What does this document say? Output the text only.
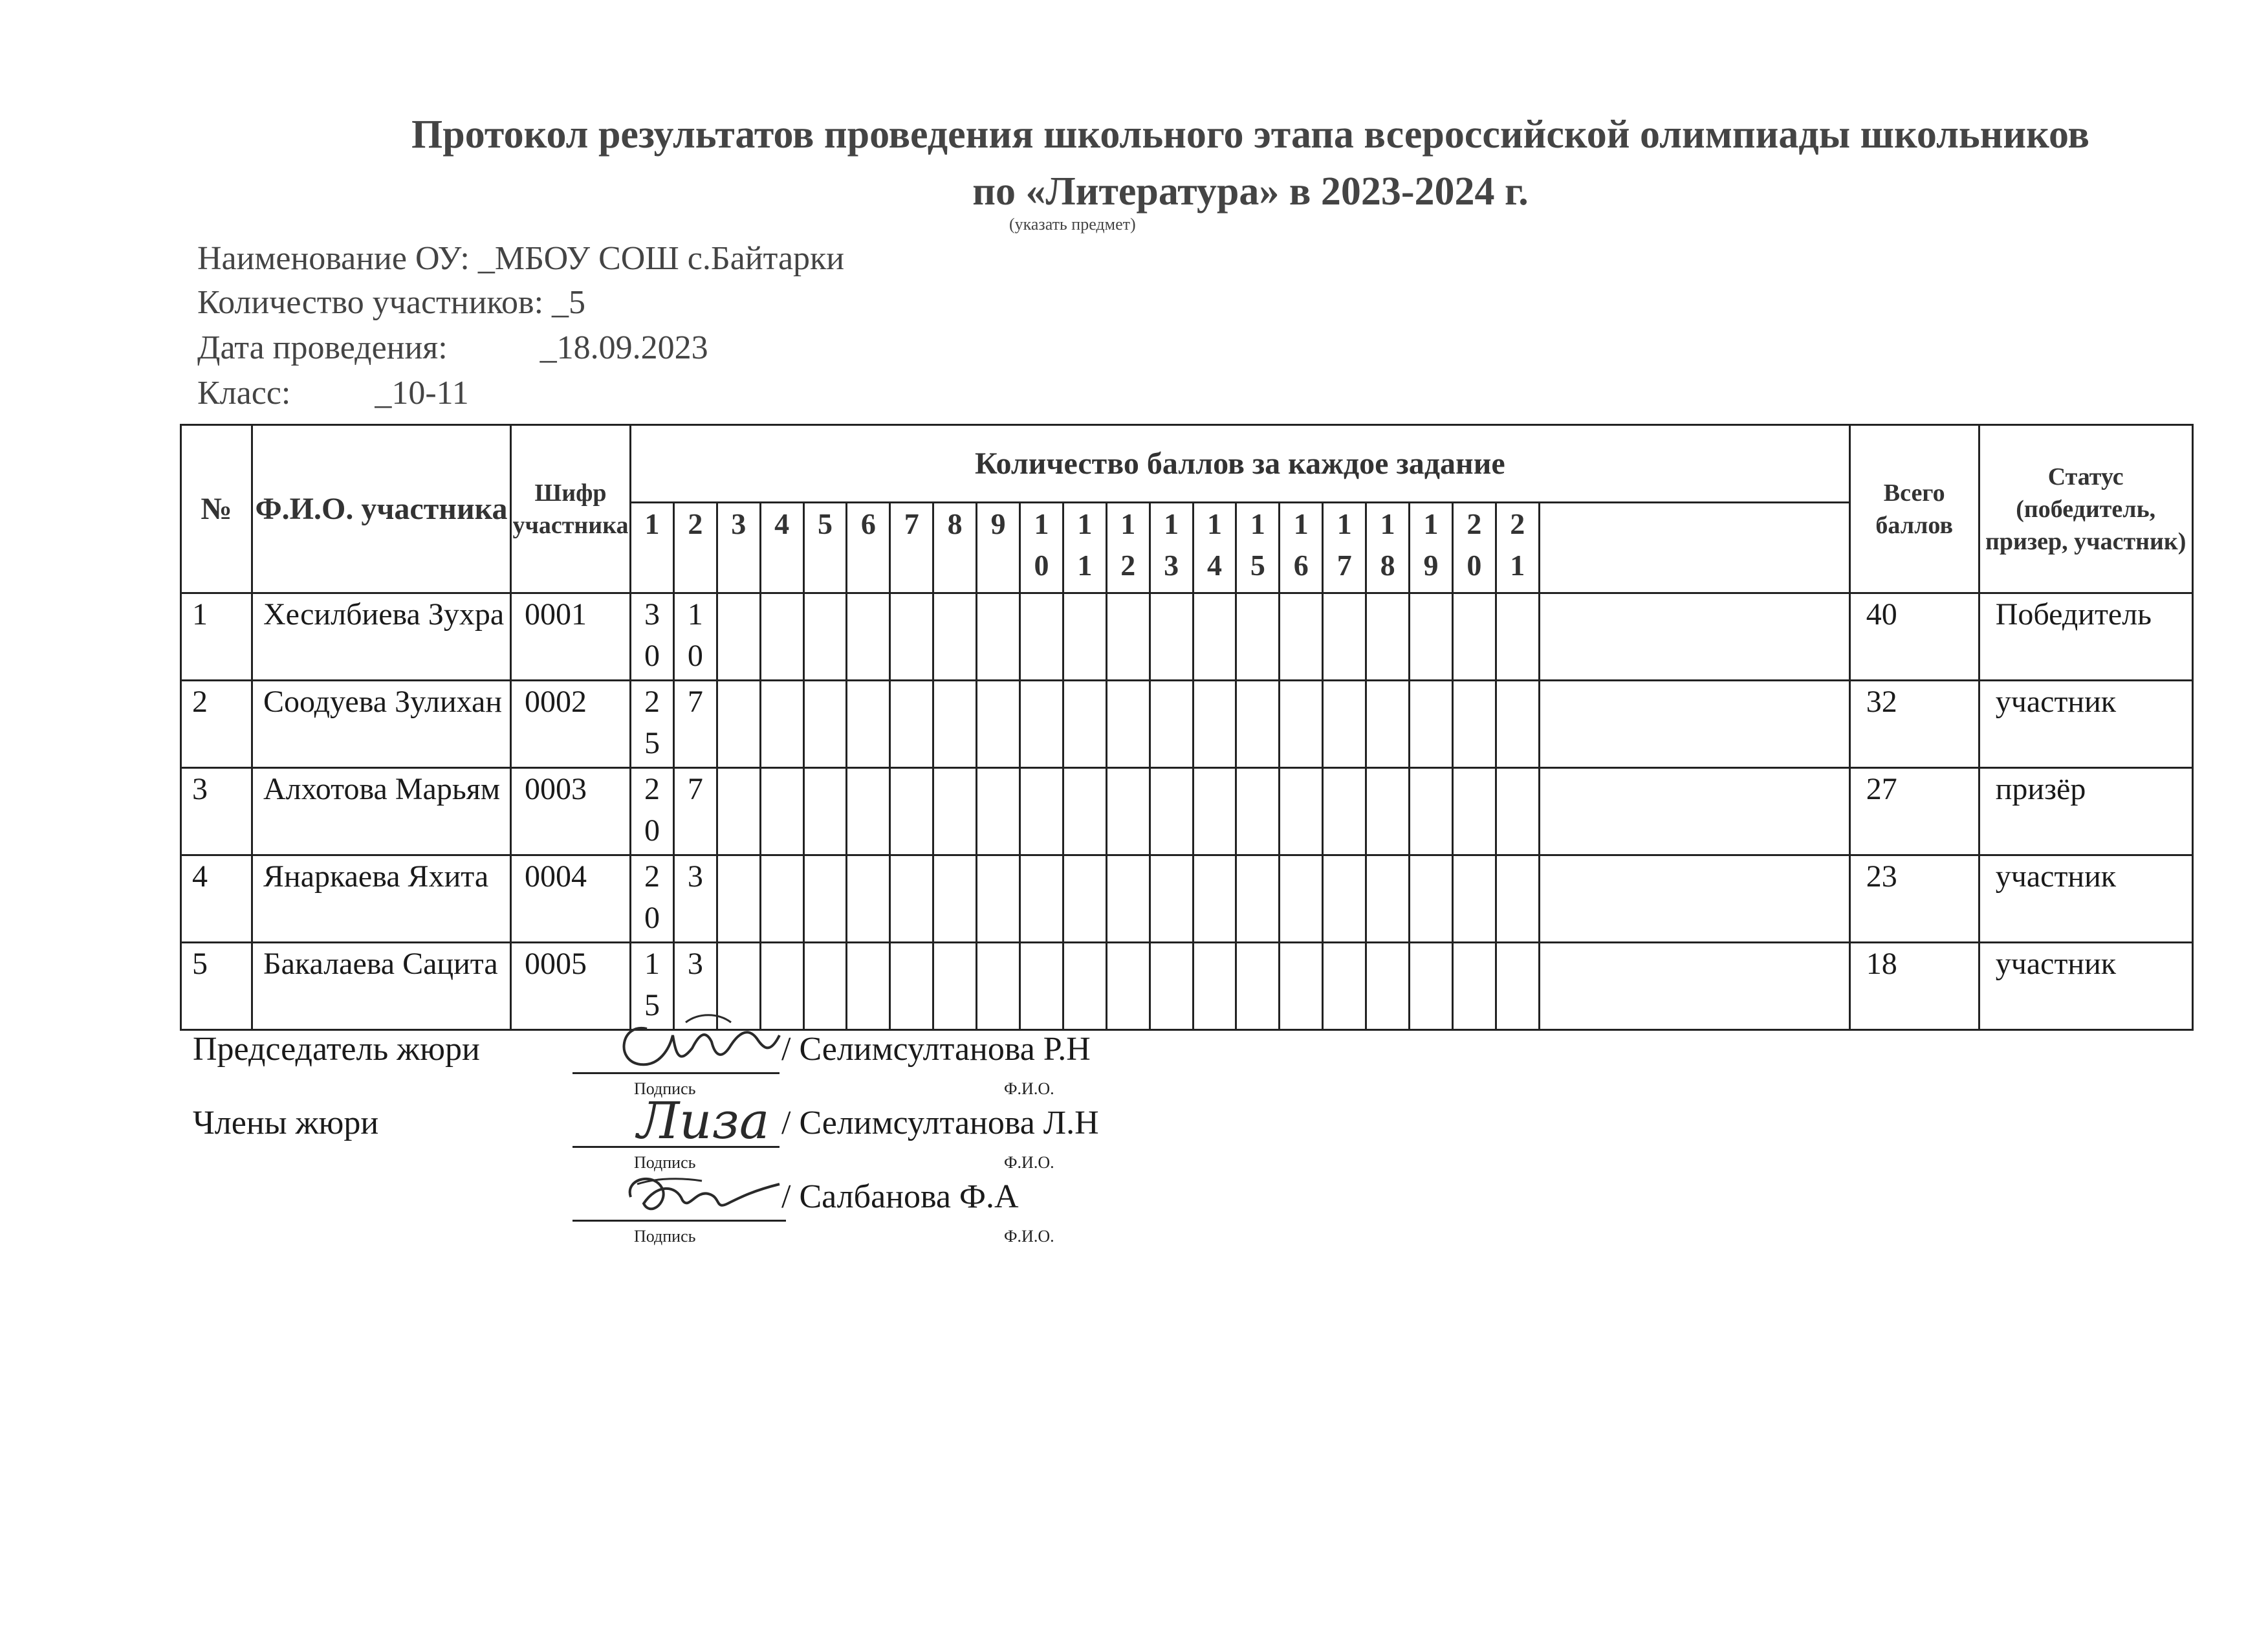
Протокол результатов проведения школьного этапа всероссийской олимпиады школьников
по «Литература» в 2023-2024 г.
(указать предмет)
Наименование ОУ: _МБОУ СОШ с.Байтарки
Количество участников: _5
Дата проведения:           _18.09.2023
Класс:          _10-11
№	Ф.И.О. участника	Шифр участника	Количество баллов за каждое задание																						Всего баллов	Статус (победитель, призер, участник)

			1	2	3	4	5	6	7	8	9	10	11	12	13	14	15	16	17	18	19	20	21			

1	Хесилбиева Зухра	0001	30	10																					40	Победитель
2	Соодуева Зулихан	0002	25	7																					32	участник
3	Алхотова Марьям	0003	20	7																					27	призёр
4	Янаркаева Яхита	0004	20	3																					23	участник
5	Бакалаева Сацита	0005	15	3																					18	участник
Председатель жюри	/ Селимсултанова Р.Н
Подпись	Ф.И.О.
Члены жюри	Лиза / Селимсултанова Л.Н
Подпись	Ф.И.О.
/ Салбанова Ф.А
Подпись	Ф.И.О.
